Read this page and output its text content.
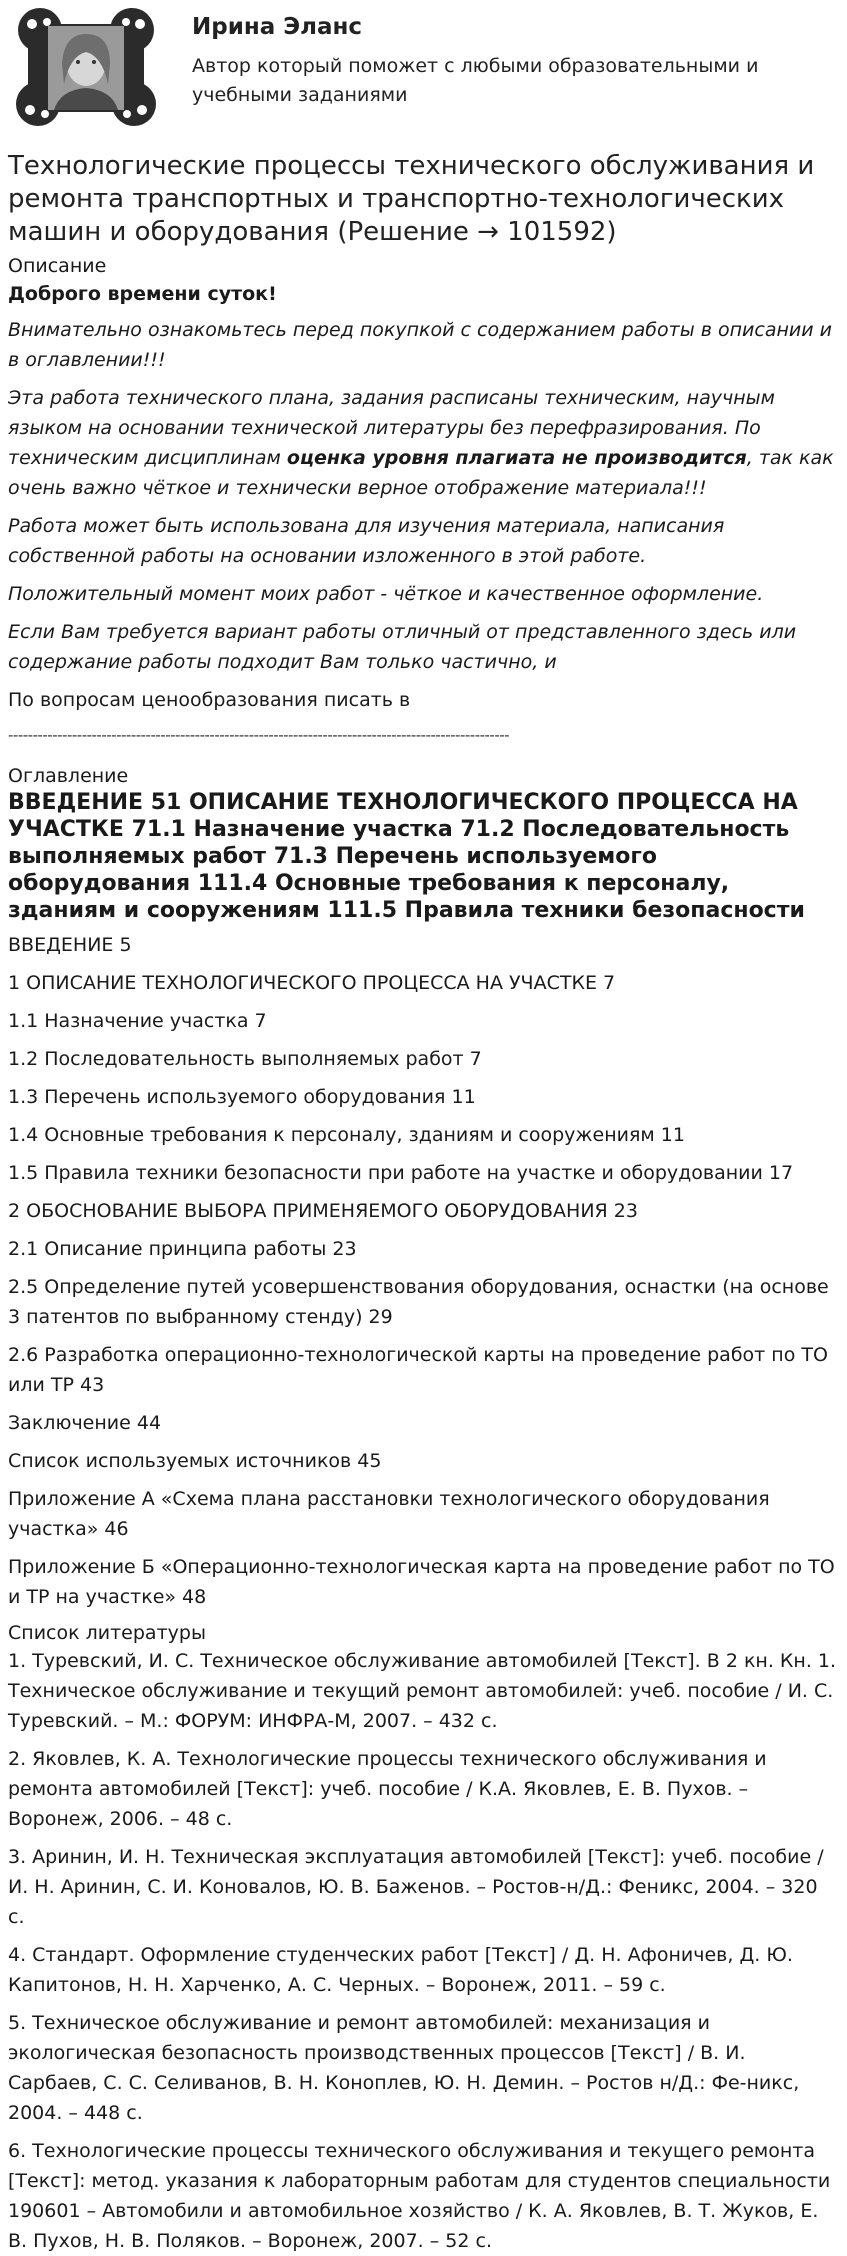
Ирина Эланс
Автор который поможет с любыми образовательными и учебными заданиями
Технологические процессы технического обслуживания и ремонта транспортных и транспортно-технологических машин и оборудования (Решение → 101592)
Описание

Доброго времени суток!

Внимательно ознакомьтесь перед покупкой с содержанием работы в описании и в оглавлении!!!

Эта работа технического плана, задания расписаны техническим, научным языком на основании технической литературы без перефразирования. По техническим дисциплинам оценка уровня плагиата не производится, так как очень важно чёткое и технически верное отображение материала!!!

Работа может быть использована для изучения материала, написания собственной работы на основании изложенного в этой работе.

Положительный момент моих работ - чёткое и качественное оформление.

Если Вам требуется вариант работы отличный от представленного здесь или содержание работы подходит Вам только частично, и

По вопросам ценообразования писать в

------------------------------------------------------------------------------------------------------
Оглавление

ВВЕДЕНИЕ 51 ОПИСАНИЕ ТЕХНОЛОГИЧЕСКОГО ПРОЦЕССА НА УЧАСТКЕ 71.1 Назначение участка 71.2 Последовательность выполняемых работ 71.3 Перечень используемого оборудования 111.4 Основные требования к персоналу, зданиям и сооружениям 111.5 Правила техники безопасности

ВВЕДЕНИЕ 5

1 ОПИСАНИЕ ТЕХНОЛОГИЧЕСКОГО ПРОЦЕССА НА УЧАСТКЕ 7

1.1 Назначение участка 7

1.2 Последовательность выполняемых работ 7

1.3 Перечень используемого оборудования 11

1.4 Основные требования к персоналу, зданиям и сооружениям 11

1.5 Правила техники безопасности при работе на участке и оборудовании 17

2 ОБОСНОВАНИЕ ВЫБОРА ПРИМЕНЯЕМОГО ОБОРУДОВАНИЯ 23

2.1 Описание принципа работы 23

2.5 Определение путей усовершенствования оборудования, оснастки (на основе 3 патентов по выбранному стенду) 29

2.6 Разработка операционно-технологической карты на проведение работ по ТО или ТР 43

Заключение 44

Список используемых источников 45

Приложение А «Схема плана расстановки технологического оборудования участка» 46

Приложение Б «Операционно-технологическая карта на проведение работ по ТО и ТР на участке» 48

Список литературы

1. Туревский, И. С. Техническое обслуживание автомобилей [Текст]. В 2 кн. Кн. 1. Техническое обслуживание и текущий ремонт автомобилей: учеб. пособие / И. С. Туревский. – М.: ФОРУМ: ИНФРА-М, 2007. – 432 с.

2. Яковлев, К. А. Технологические процессы технического обслуживания и ремонта автомобилей [Текст]: учеб. пособие / К.А. Яковлев, Е. В. Пухов. – Воронеж, 2006. – 48 с.

3. Аринин, И. Н. Техническая эксплуатация автомобилей [Текст]: учеб. пособие / И. Н. Аринин, С. И. Коновалов, Ю. В. Баженов. – Ростов-н/Д.: Феникс, 2004. – 320 с.

4. Стандарт. Оформление студенческих работ [Текст] / Д. Н. Афоничев, Д. Ю. Капитонов, Н. Н. Харченко, А. С. Черных. – Воронеж, 2011. – 59 с.

5. Техническое обслуживание и ремонт автомобилей: механизация и экологическая безопасность производственных процессов [Текст] / В. И. Сарбаев, С. С. Селиванов, В. Н. Коноплев, Ю. Н. Демин. – Ростов н/Д.: Фе-никс, 2004. – 448 с.

6. Технологические процессы технического обслуживания и текущего ремонта [Текст]: метод. указания к лабораторным работам для студентов специальности 190601 – Автомобили и автомобильное хозяйство / К. А. Яковлев, В. Т. Жуков, Е. В. Пухов, Н. В. Поляков. – Воронеж, 2007. – 52 с.
